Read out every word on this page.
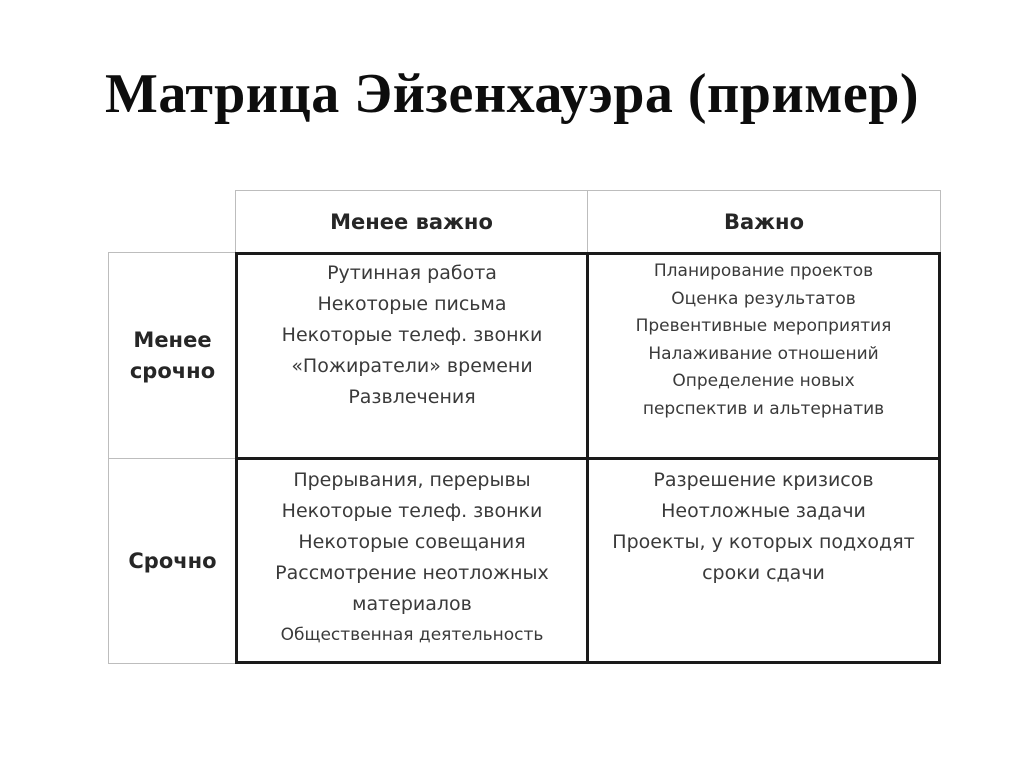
Матрица Эйзенхауэра (пример)
Менее важно	Важно
Менее
срочно
Срочно
Рутинная работа
Некоторые письма
Некоторые телеф. звонки
«Пожиратели» времени
Развлечения
Планирование проектов
Оценка результатов
Превентивные мероприятия
Налаживание отношений
Определение новых
перспектив и альтернатив
Прерывания, перерывы
Некоторые телеф. звонки
Некоторые совещания
Рассмотрение неотложных
материалов
Общественная деятельность
Разрешение кризисов
Неотложные задачи
Проекты, у которых подходят
сроки сдачи
